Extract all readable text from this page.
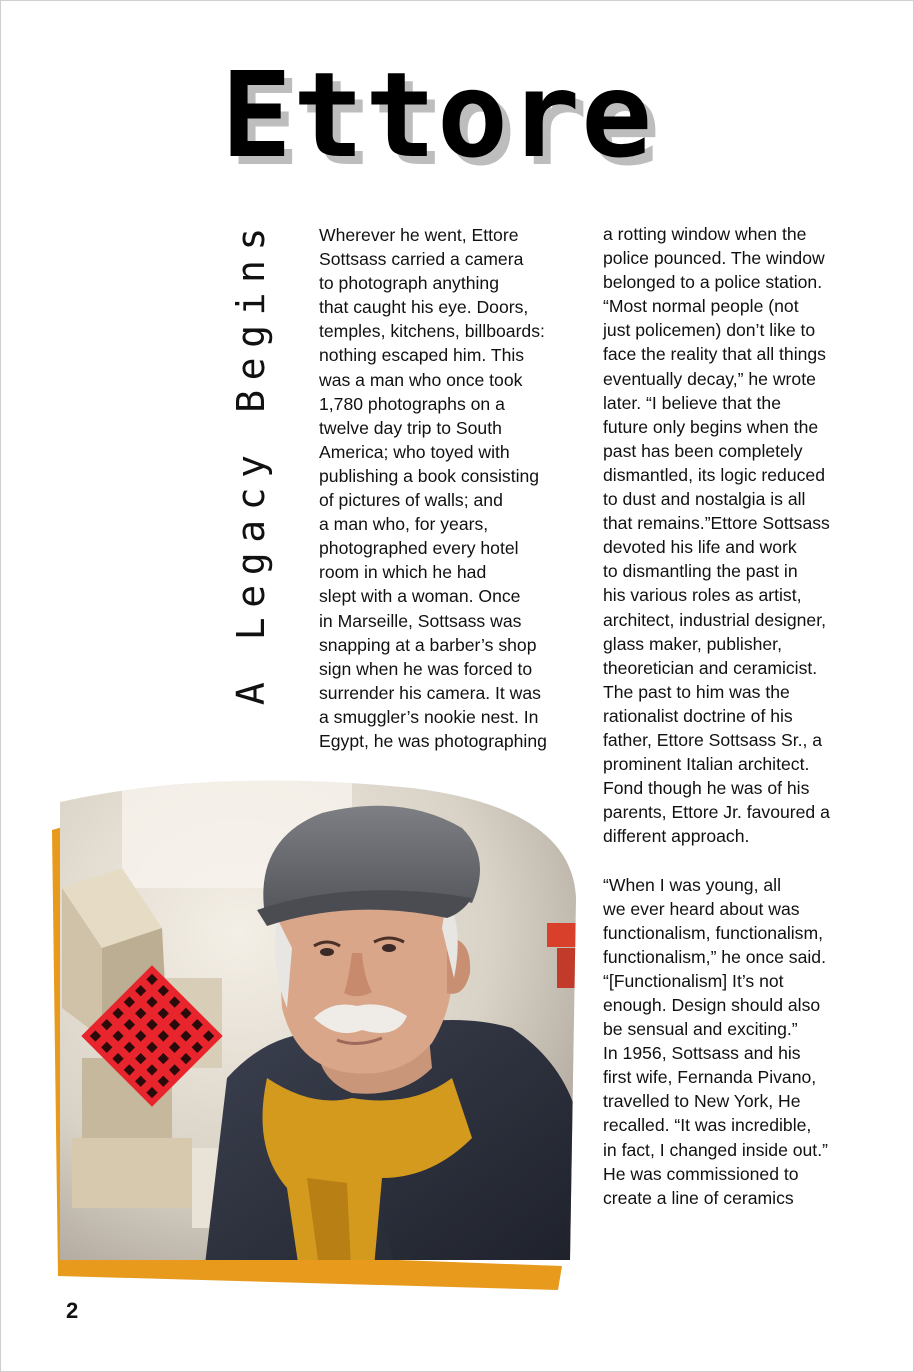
Ettore
A Legacy Begins	Wherever he went, Ettore
Sottsass carried a camera
to photograph anything
that caught his eye. Doors,
temples, kitchens, billboards:
nothing escaped him. This
was a man who once took
1,780 photographs on a
twelve day trip to South
America; who toyed with
publishing a book consisting
of pictures of walls; and
a man who, for years,
photographed every hotel
room in which he had
slept with a woman. Once
in Marseille, Sottsass was
snapping at a barber’s shop
sign when he was forced to
surrender his camera. It was
a smuggler’s nookie nest. In
Egypt, he was photographing
a rotting window when the
police pounced. The window
belonged to a police station.
“Most normal people (not
just policemen) don’t like to
face the reality that all things
eventually decay,” he wrote
later. “I believe that the
future only begins when the
past has been completely
dismantled, its logic reduced
to dust and nostalgia is all
that remains.”Ettore Sottsass
devoted his life and work
to dismantling the past in
his various roles as artist,
architect, industrial designer,
glass maker, publisher,
theoretician and ceramicist.
The past to him was the
rationalist doctrine of his
father, Ettore Sottsass Sr., a
prominent Italian architect.
Fond though he was of his
parents, Ettore Jr. favoured a
different approach.

“When I was young, all
we ever heard about was
functionalism, functionalism,
functionalism,” he once said.
“[Functionalism] It’s not
enough. Design should also
be sensual and exciting.”
In 1956, Sottsass and his
first wife, Fernanda Pivano,
travelled to New York, He
recalled. “It was incredible,
in fact, I changed inside out.”
He was commissioned to
create a line of ceramics
2
